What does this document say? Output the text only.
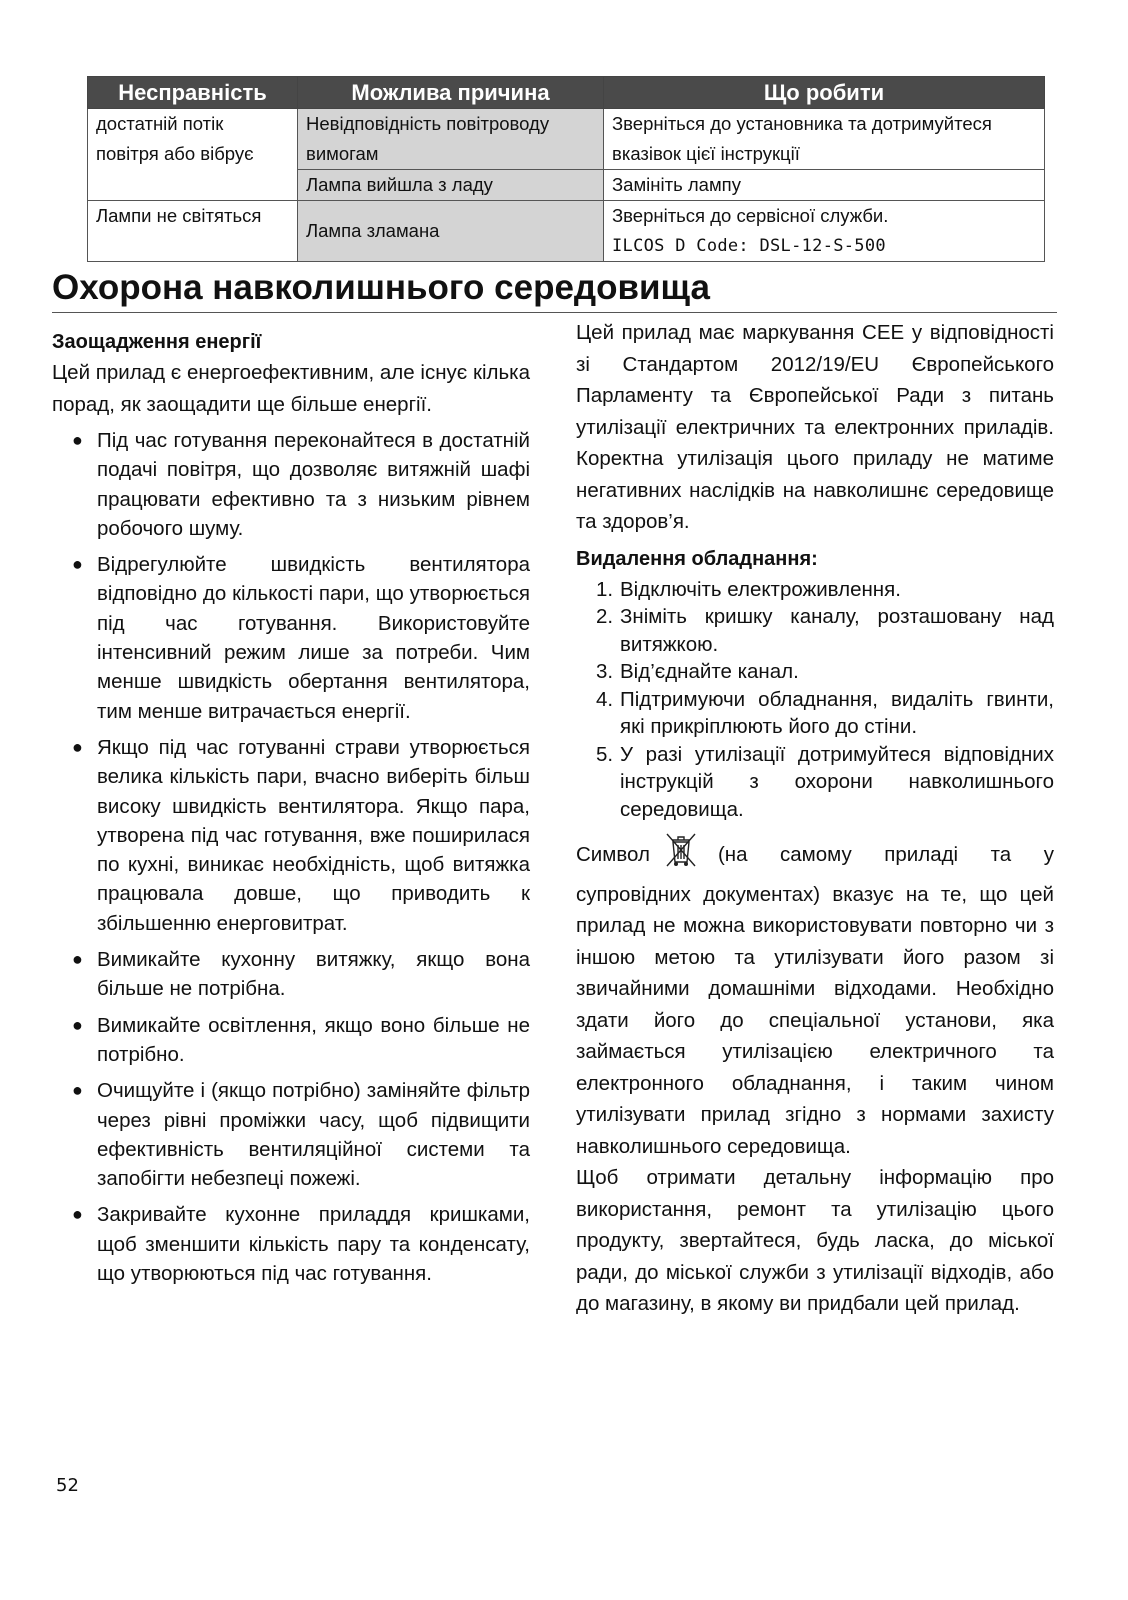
Несправність	Можлива причина	Що робити
достатній потік повітря або вібрує	Невідповідність повітроводу вимогам	Зверніться до установника та дотримуйтеся вказівок цієї інструкції
	Лампа вийшла з ладу	Замініть лампу
Лампи не світяться	Лампа зламана	Зверніться до сервісної служби.
ILCOS D Code: DSL-12-S-500
Охорона навколишнього середовища

Заощадження енергії

Цей прилад є енергоефективним, але існує кілька порад, як заощадити ще більше енергії.

● Під час готування переконайтеся в достатній подачі повітря, що дозволяє витяжній шафі працювати ефективно та з низьким рівнем робочого шуму.
● Відрегулюйте швидкість вентилятора відповідно до кількості пари, що утворюється під час готування. Використовуйте інтенсивний режим лише за потреби. Чим менше швидкість обертання вентилятора, тим менше витрачається енергії.
● Якщо під час готуванні страви утворюється велика кількість пари, вчасно виберіть більш високу швидкість вентилятора. Якщо пара, утворена під час готування, вже поширилася по кухні, виникає необхідність, щоб витяжка працювала довше, що приводить к збільшенню енерговитрат.
● Вимикайте кухонну витяжку, якщо вона більше не потрібна.
● Вимикайте освітлення, якщо воно більше не потрібно.
● Очищуйте і (якщо потрібно) заміняйте фільтр через рівні проміжки часу, щоб підвищити ефективність вентиляційної системи та запобігти небезпеці пожежі.
● Закривайте кухонне приладдя кришками, щоб зменшити кількість пару та конденсату, що утворюються під час готування.

Цей прилад має маркування CEE у відповідності зі Стандартом 2012/19/EU Європейського Парламенту та Європейської Ради з питань утилізації електричних та електронних приладів. Коректна утилізація цього приладу не матиме негативних наслідків на навколишнє середовище та здоров’я.

Видалення обладнання:

1. Відключіть електроживлення.
2. Зніміть кришку каналу, розташовану над витяжкою.
3. Від’єднайте канал.
4. Підтримуючи обладнання, видаліть гвинти, які прикріплюють його до стіни.
5. У разі утилізації дотримуйтеся відповідних інструкцій з охорони навколишнього середовища.

Символ	(на самому приладі та у супровідних документах) вказує на те, що цей прилад не можна використовувати повторно чи з іншою метою та утилізувати його разом зі звичайними домашніми відходами. Необхідно здати його до спеціальної установи, яка займається утилізацією електричного та електронного обладнання, і таким чином утилізувати прилад згідно з нормами захисту навколишнього середовища.

Щоб отримати детальну інформацію про використання, ремонт та утилізацію цього продукту, звертайтеся, будь ласка, до міської ради, до міської служби з утилізації відходів, або до магазину, в якому ви придбали цей прилад.

52
